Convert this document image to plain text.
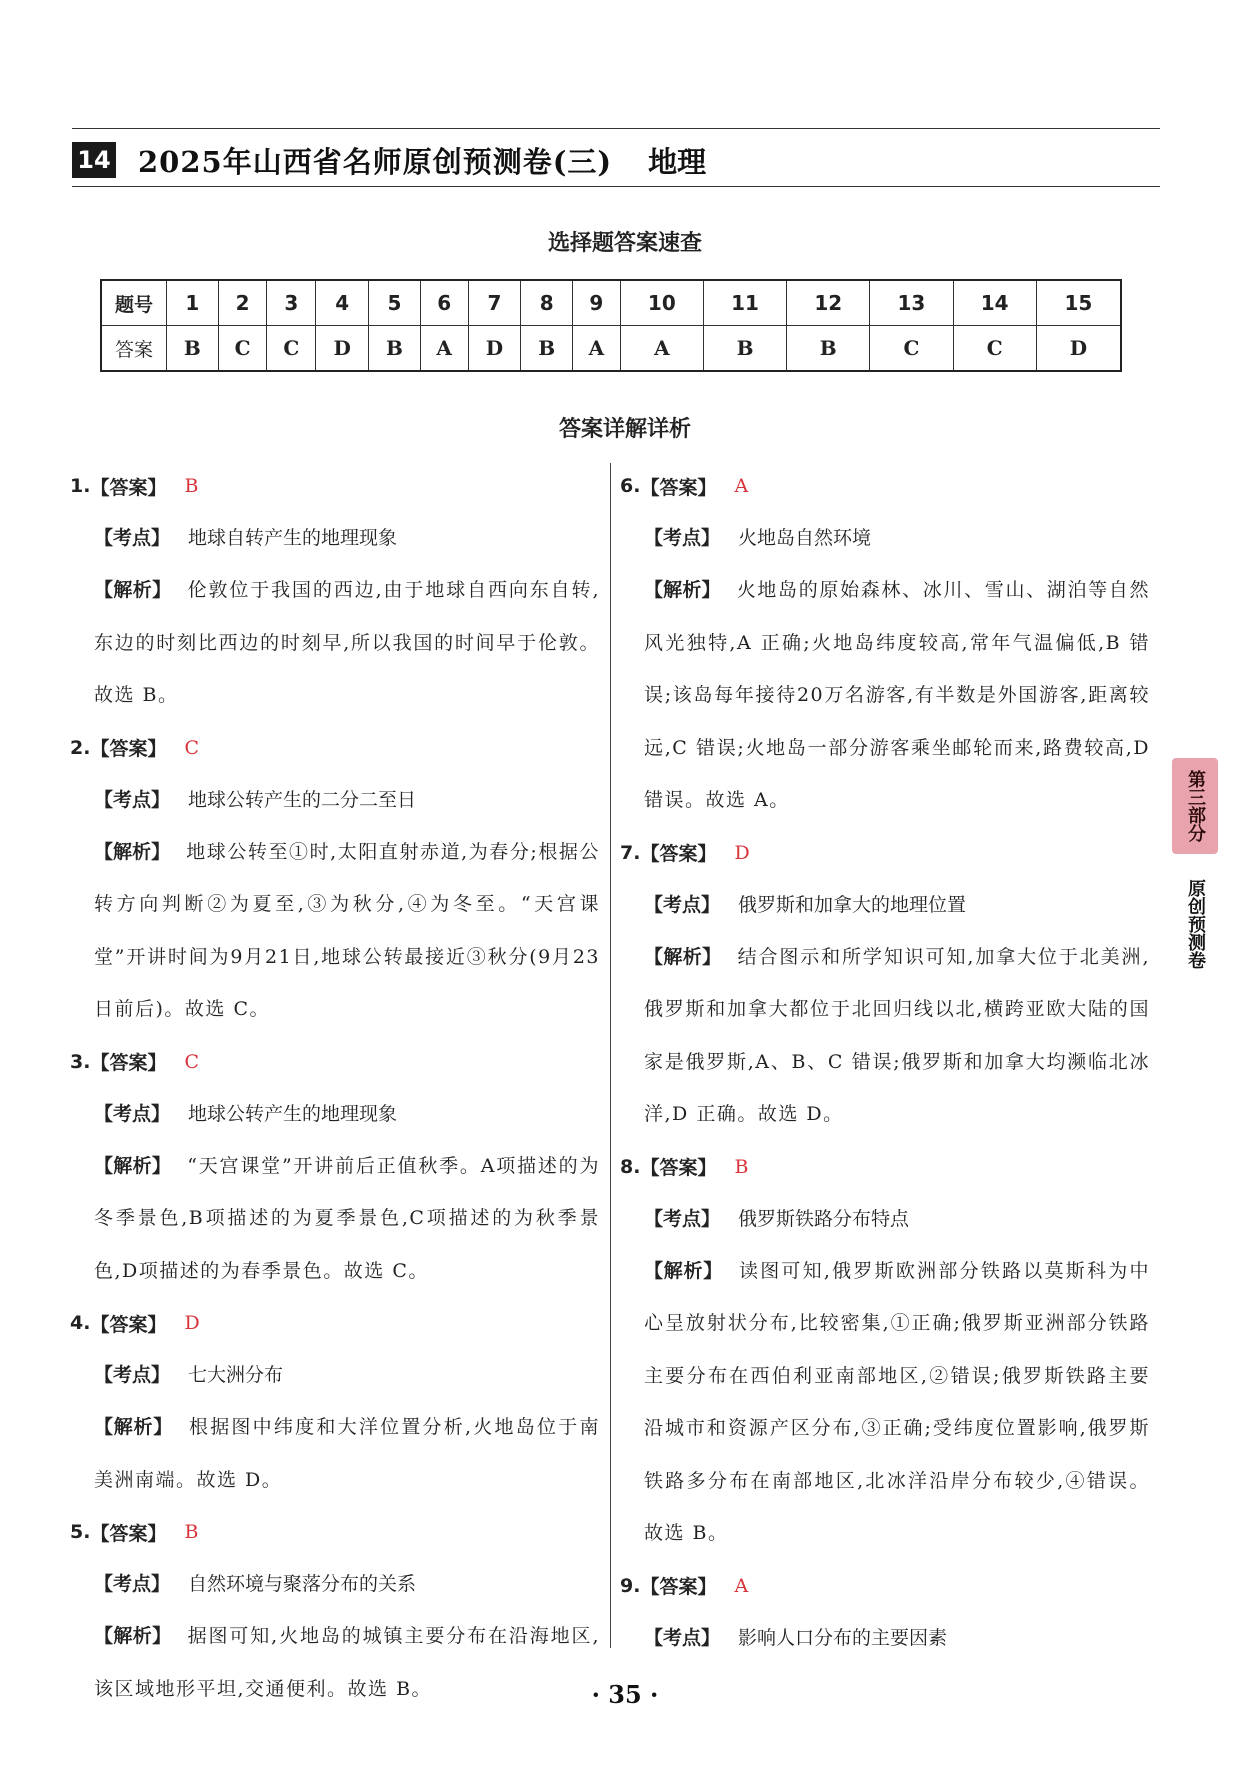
14 2025年山西省名师原创预测卷(三) 地理
选择题答案速查
题号	1	2	3	4	5	6	7	8	9	10	11	12	13	14	15
答案	B	C	C	D	B	A	D	B	A	A	B	B	C	C	D
答案详解详析
1. 【答案】 B
【考点】 地球自转产生的地理现象
【解析】 伦敦位于我国的西边,由于地球自西向东自转,东边的时刻比西边的时刻早,所以我国的时间早于伦敦。故选 B。
2. 【答案】 C
【考点】 地球公转产生的二分二至日
【解析】 地球公转至①时,太阳直射赤道,为春分;根据公转方向判断②为夏至,③为秋分,④为冬至。“天宫课堂”开讲时间为9月21日,地球公转最接近③秋分(9月23日前后)。故选 C。
3. 【答案】 C
【考点】 地球公转产生的地理现象
【解析】 “天宫课堂”开讲前后正值秋季。A项描述的为冬季景色,B项描述的为夏季景色,C项描述的为秋季景色,D项描述的为春季景色。故选 C。
4. 【答案】 D
【考点】 七大洲分布
【解析】 根据图中纬度和大洋位置分析,火地岛位于南美洲南端。故选 D。
5. 【答案】 B
【考点】 自然环境与聚落分布的关系
【解析】 据图可知,火地岛的城镇主要分布在沿海地区,该区域地形平坦,交通便利。故选 B。
6. 【答案】 A
【考点】 火地岛自然环境
【解析】 火地岛的原始森林、冰川、雪山、湖泊等自然风光独特,A 正确;火地岛纬度较高,常年气温偏低,B 错误;该岛每年接待20万名游客,有半数是外国游客,距离较远,C 错误;火地岛一部分游客乘坐邮轮而来,路费较高,D 错误。故选 A。
7. 【答案】 D
【考点】 俄罗斯和加拿大的地理位置
【解析】 结合图示和所学知识可知,加拿大位于北美洲,俄罗斯和加拿大都位于北回归线以北,横跨亚欧大陆的国家是俄罗斯,A、B、C 错误;俄罗斯和加拿大均濒临北冰洋,D 正确。故选 D。
8. 【答案】 B
【考点】 俄罗斯铁路分布特点
【解析】 读图可知,俄罗斯欧洲部分铁路以莫斯科为中心呈放射状分布,比较密集,①正确;俄罗斯亚洲部分铁路主要分布在西伯利亚南部地区,②错误;俄罗斯铁路主要沿城市和资源产区分布,③正确;受纬度位置影响,俄罗斯铁路多分布在南部地区,北冰洋沿岸分布较少,④错误。故选 B。
9. 【答案】 A
【考点】 影响人口分布的主要因素
第三部分
原创预测卷
· 35 ·
